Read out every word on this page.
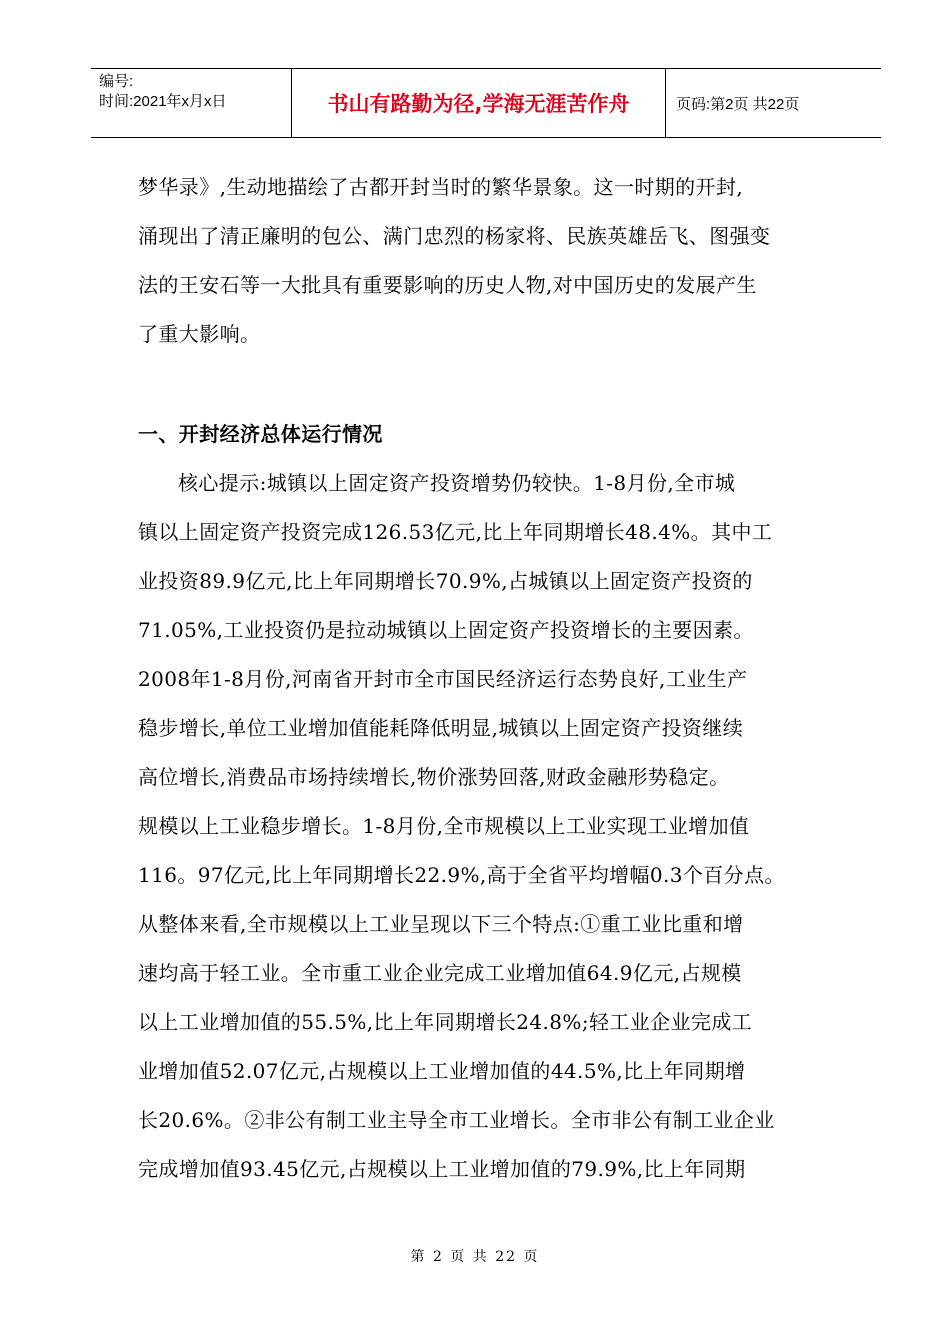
编号:
时间:2021年x月x日	书山有路勤为径,学海无涯苦作舟	页码:第2页 共22页
梦华录》,生动地描绘了古都开封当时的繁华景象。这一时期的开封,
涌现出了清正廉明的包公、满门忠烈的杨家将、民族英雄岳飞、图强变
法的王安石等一大批具有重要影响的历史人物,对中国历史的发展产生
了重大影响。
一、开封经济总体运行情况
核心提示:城镇以上固定资产投资增势仍较快。1-8月份,全市城
镇以上固定资产投资完成126.53亿元,比上年同期增长48.4%。其中工
业投资89.9亿元,比上年同期增长70.9%,占城镇以上固定资产投资的
71.05%,工业投资仍是拉动城镇以上固定资产投资增长的主要因素。
2008年1-8月份,河南省开封市全市国民经济运行态势良好,工业生产
稳步增长,单位工业增加值能耗降低明显,城镇以上固定资产投资继续
高位增长,消费品市场持续增长,物价涨势回落,财政金融形势稳定。
规模以上工业稳步增长。1-8月份,全市规模以上工业实现工业增加值
116。97亿元,比上年同期增长22.9%,高于全省平均增幅0.3个百分点。
从整体来看,全市规模以上工业呈现以下三个特点:①重工业比重和增
速均高于轻工业。全市重工业企业完成工业增加值64.9亿元,占规模
以上工业增加值的55.5%,比上年同期增长24.8%;轻工业企业完成工
业增加值52.07亿元,占规模以上工业增加值的44.5%,比上年同期增
长20.6%。②非公有制工业主导全市工业增长。全市非公有制工业企业
完成增加值93.45亿元,占规模以上工业增加值的79.9%,比上年同期
第 2 页 共 22 页
